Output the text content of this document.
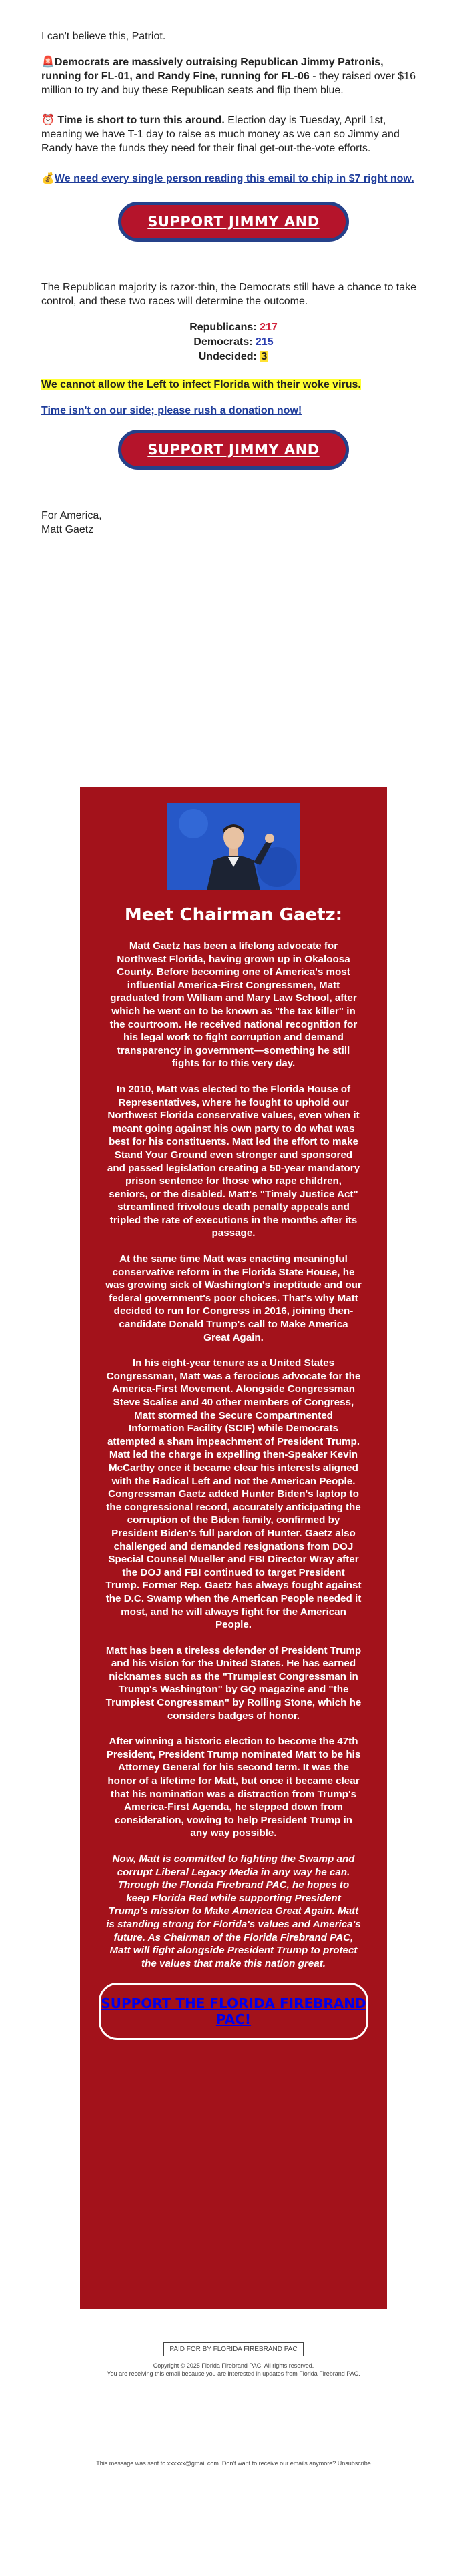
I can't believe this, Patriot.

🚨Democrats are massively outraising Republican Jimmy Patronis, running for FL-01, and Randy Fine, running for FL-06 - they raised over $16 million to try and buy these Republican seats and flip them blue.

⏰ Time is short to turn this around. Election day is Tuesday, April 1st, meaning we have T-1 day to raise as much money as we can so Jimmy and Randy have the funds they need for their final get-out-the-vote efforts.

💰We need every single person reading this email to chip in $7 right now.

SUPPORT JIMMY AND RANDY →

The Republican majority is razor-thin, the Democrats still have a chance to take control, and these two races will determine the outcome.

Republicans: 217
Democrats: 215
Undecided: 3

We cannot allow the Left to infect Florida with their woke virus.

Time isn't on our side; please rush a donation now!

SUPPORT JIMMY AND RANDY →
For America,
Matt Gaetz
Meet Chairman Gaetz:

Matt Gaetz has been a lifelong advocate for Northwest Florida, having grown up in Okaloosa County. Before becoming one of America's most influential America-First Congressmen, Matt graduated from William and Mary Law School, after which he went on to be known as "the tax killer" in the courtroom. He received national recognition for his legal work to fight corruption and demand transparency in government—something he still fights for to this very day.

In 2010, Matt was elected to the Florida House of Representatives, where he fought to uphold our Northwest Florida conservative values, even when it meant going against his own party to do what was best for his constituents. Matt led the effort to make Stand Your Ground even stronger and sponsored and passed legislation creating a 50-year mandatory prison sentence for those who rape children, seniors, or the disabled. Matt's "Timely Justice Act" streamlined frivolous death penalty appeals and tripled the rate of executions in the months after its passage.

At the same time Matt was enacting meaningful conservative reform in the Florida State House, he was growing sick of Washington's ineptitude and our federal government's poor choices. That's why Matt decided to run for Congress in 2016, joining then-candidate Donald Trump's call to Make America Great Again.

In his eight-year tenure as a United States Congressman, Matt was a ferocious advocate for the America-First Movement. Alongside Congressman Steve Scalise and 40 other members of Congress, Matt stormed the Secure Compartmented Information Facility (SCIF) while Democrats attempted a sham impeachment of President Trump. Matt led the charge in expelling then-Speaker Kevin McCarthy once it became clear his interests aligned with the Radical Left and not the American People. Congressman Gaetz added Hunter Biden's laptop to the congressional record, accurately anticipating the corruption of the Biden family, confirmed by President Biden's full pardon of Hunter. Gaetz also challenged and demanded resignations from DOJ Special Counsel Mueller and FBI Director Wray after the DOJ and FBI continued to target President Trump. Former Rep. Gaetz has always fought against the D.C. Swamp when the American People needed it most, and he will always fight for the American People.

Matt has been a tireless defender of President Trump and his vision for the United States. He has earned nicknames such as the "Trumpiest Congressman in Trump's Washington" by GQ magazine and "the Trumpiest Congressman" by Rolling Stone, which he considers badges of honor.

After winning a historic election to become the 47th President, President Trump nominated Matt to be his Attorney General for his second term. It was the honor of a lifetime for Matt, but once it became clear that his nomination was a distraction from Trump's America-First Agenda, he stepped down from consideration, vowing to help President Trump in any way possible.

Now, Matt is committed to fighting the Swamp and corrupt Liberal Legacy Media in any way he can. Through the Florida Firebrand PAC, he hopes to keep Florida Red while supporting President Trump's mission to Make America Great Again. Matt is standing strong for Florida's values and America's future. As Chairman of the Florida Firebrand PAC, Matt will fight alongside President Trump to protect the values that make this nation great.

SUPPORT THE FLORIDA FIREBRAND PAC!
PAID FOR BY FLORIDA FIREBRAND PAC
Copyright © 2025 Florida Firebrand PAC. All rights reserved.
You are receiving this email because you are interested in updates from Florida Firebrand PAC.
This message was sent to xxxxxx@gmail.com. Don't want to receive our emails anymore? Unsubscribe
